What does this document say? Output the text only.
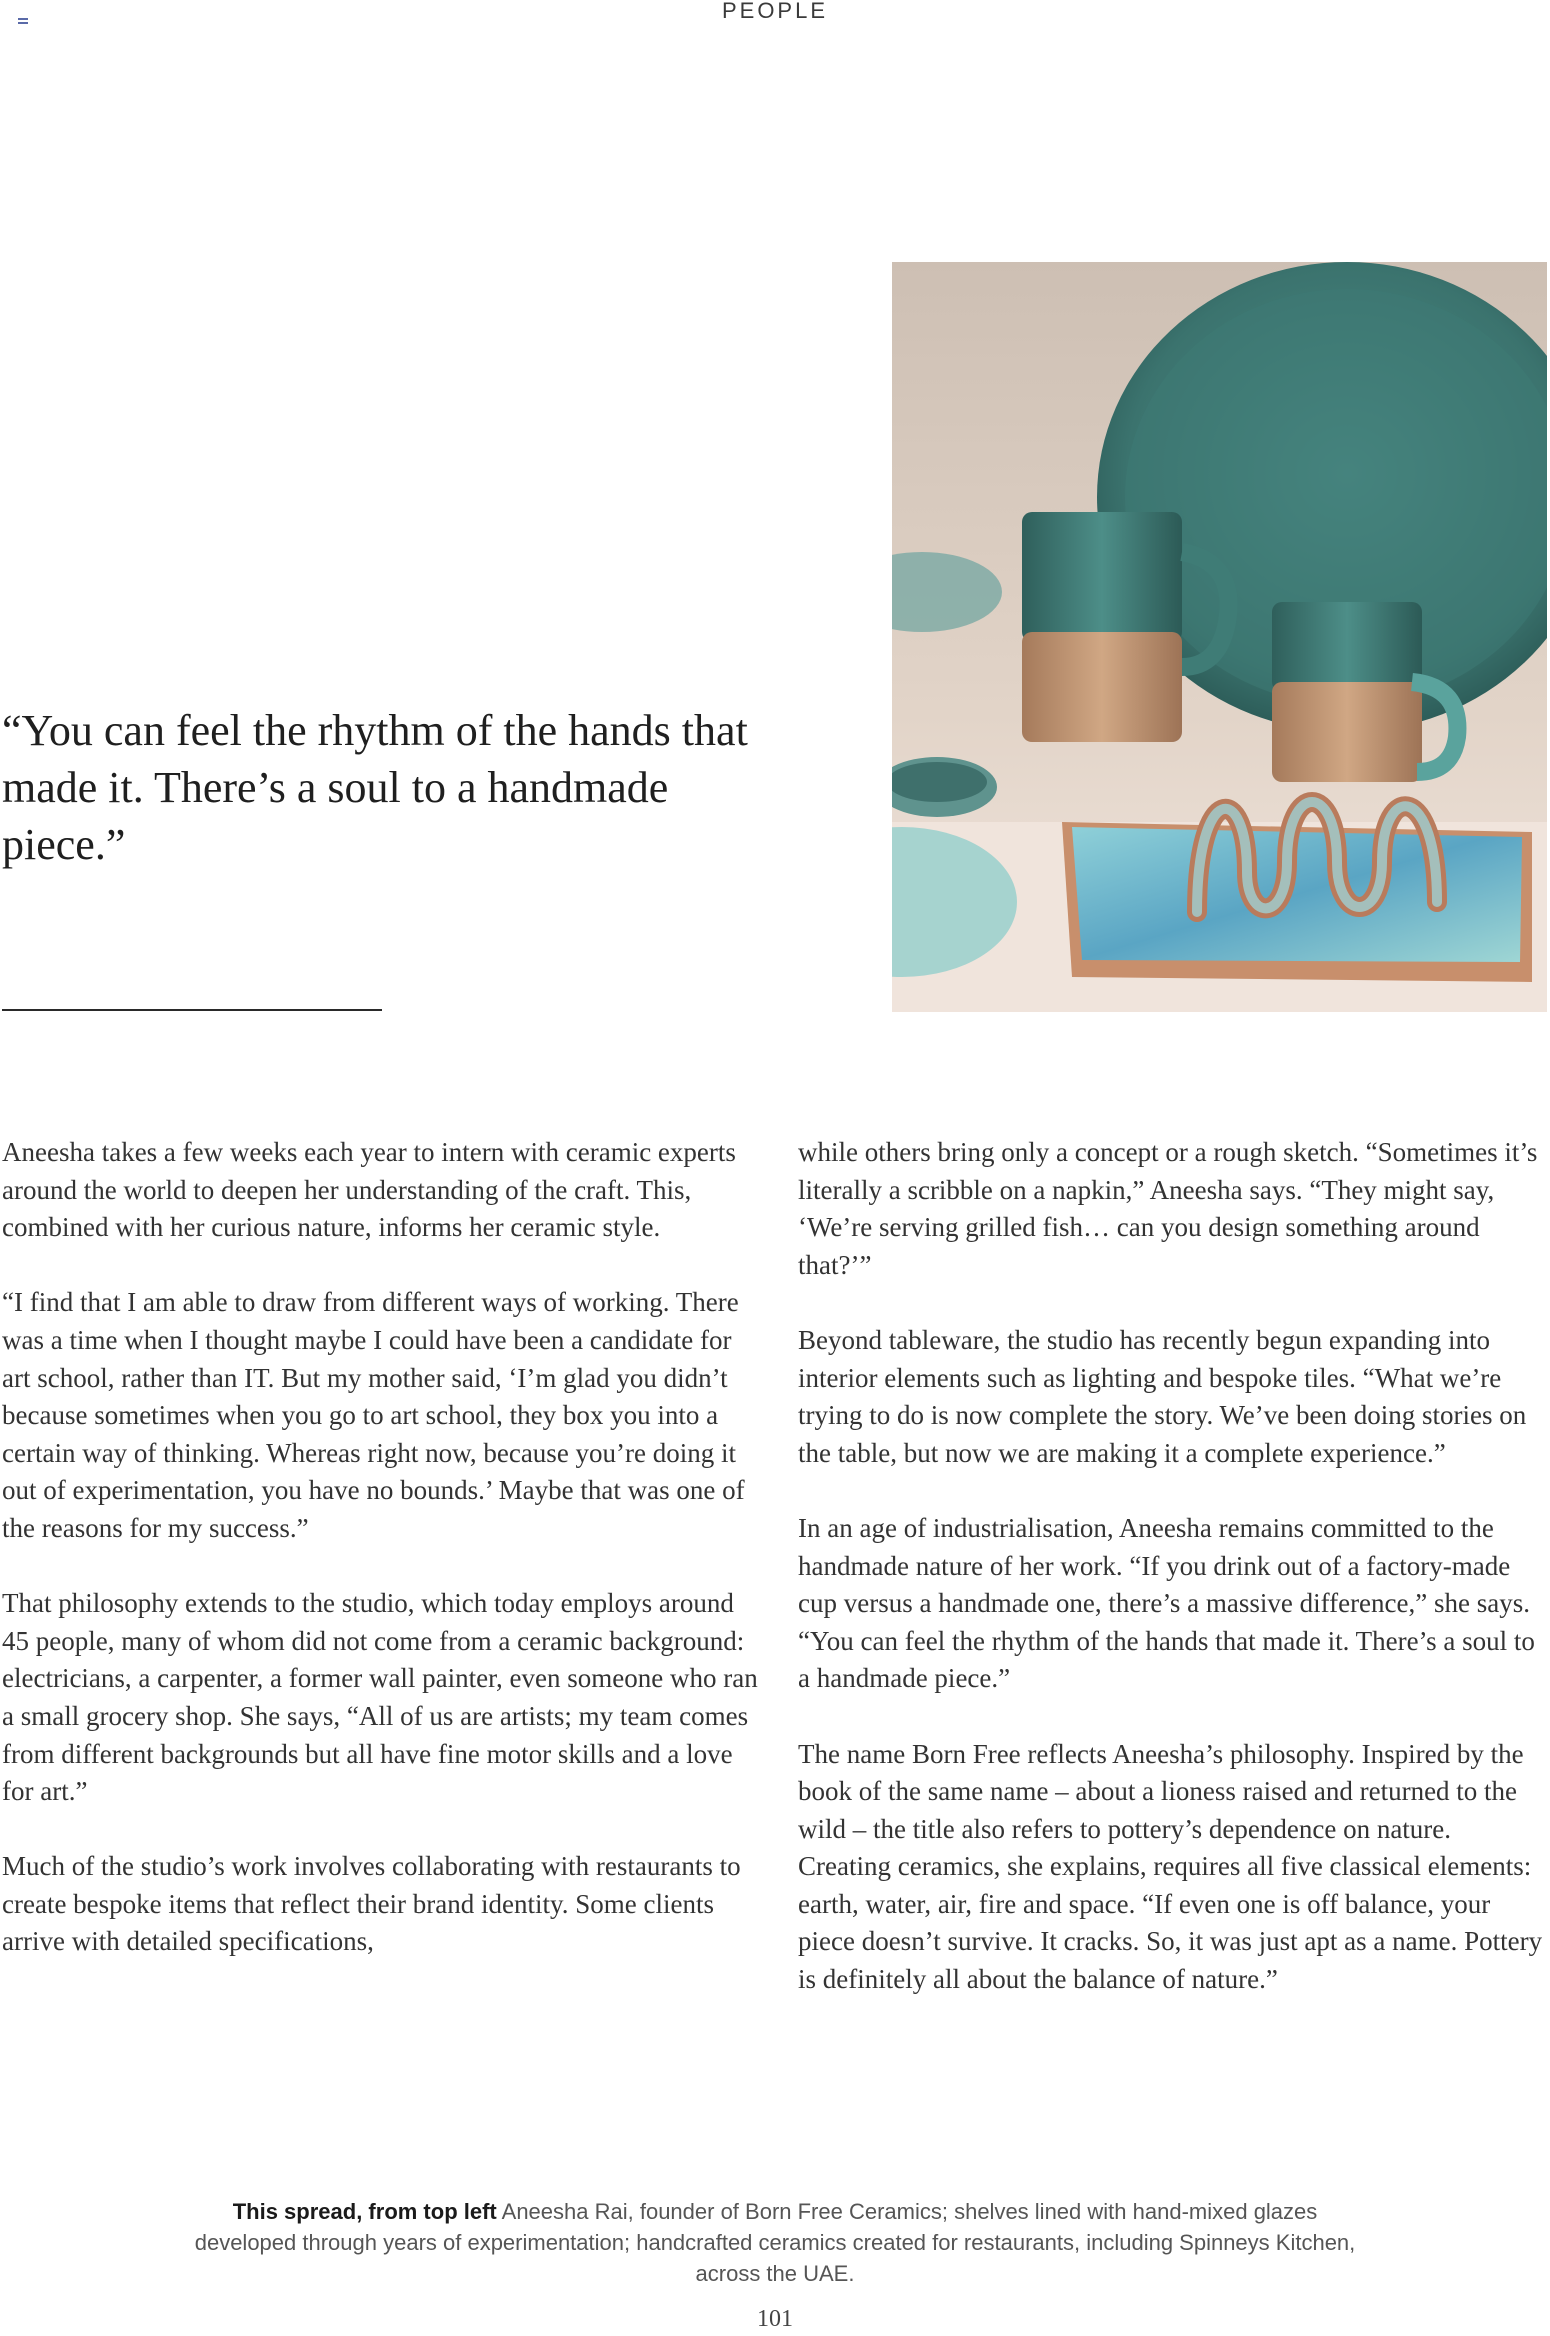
PEOPLE
“You can feel the rhythm of the hands that made it. There’s a soul to a handmade piece.”

Aneesha takes a few weeks each year to intern with ceramic experts around the world to deepen her understanding of the craft. This, combined with her curious nature, informs her ceramic style.

“I find that I am able to draw from different ways of working. There was a time when I thought maybe I could have been a candidate for art school, rather than IT. But my mother said, ‘I’m glad you didn’t because sometimes when you go to art school, they box you into a certain way of thinking. Whereas right now, because you’re doing it out of experimentation, you have no bounds.’ Maybe that was one of the reasons for my success.”

That philosophy extends to the studio, which today employs around 45 people, many of whom did not come from a ceramic background: electricians, a carpenter, a former wall painter, even someone who ran a small grocery shop. She says, “All of us are artists; my team comes from different backgrounds but all have fine motor skills and a love for art.”

Much of the studio’s work involves collaborating with restaurants to create bespoke items that reflect their brand identity. Some clients arrive with detailed specifications,

while others bring only a concept or a rough sketch. “Sometimes it’s literally a scribble on a napkin,” Aneesha says. “They might say, ‘We’re serving grilled fish… can you design something around that?’”

Beyond tableware, the studio has recently begun expanding into interior elements such as lighting and bespoke tiles. “What we’re trying to do is now complete the story. We’ve been doing stories on the table, but now we are making it a complete experience.”

In an age of industrialisation, Aneesha remains committed to the handmade nature of her work. “If you drink out of a factory-made cup versus a handmade one, there’s a massive difference,” she says. “You can feel the rhythm of the hands that made it. There’s a soul to a handmade piece.”

The name Born Free reflects Aneesha’s philosophy. Inspired by the book of the same name – about a lioness raised and returned to the wild – the title also refers to pottery’s dependence on nature. Creating ceramics, she explains, requires all five classical elements: earth, water, air, fire and space. “If even one is off balance, your piece doesn’t survive. It cracks. So, it was just apt as a name. Pottery is definitely all about the balance of nature.”

This spread, from top left Aneesha Rai, founder of Born Free Ceramics; shelves lined with hand-mixed glazes developed through years of experimentation; handcrafted ceramics created for restaurants, including Spinneys Kitchen, across the UAE.
101
